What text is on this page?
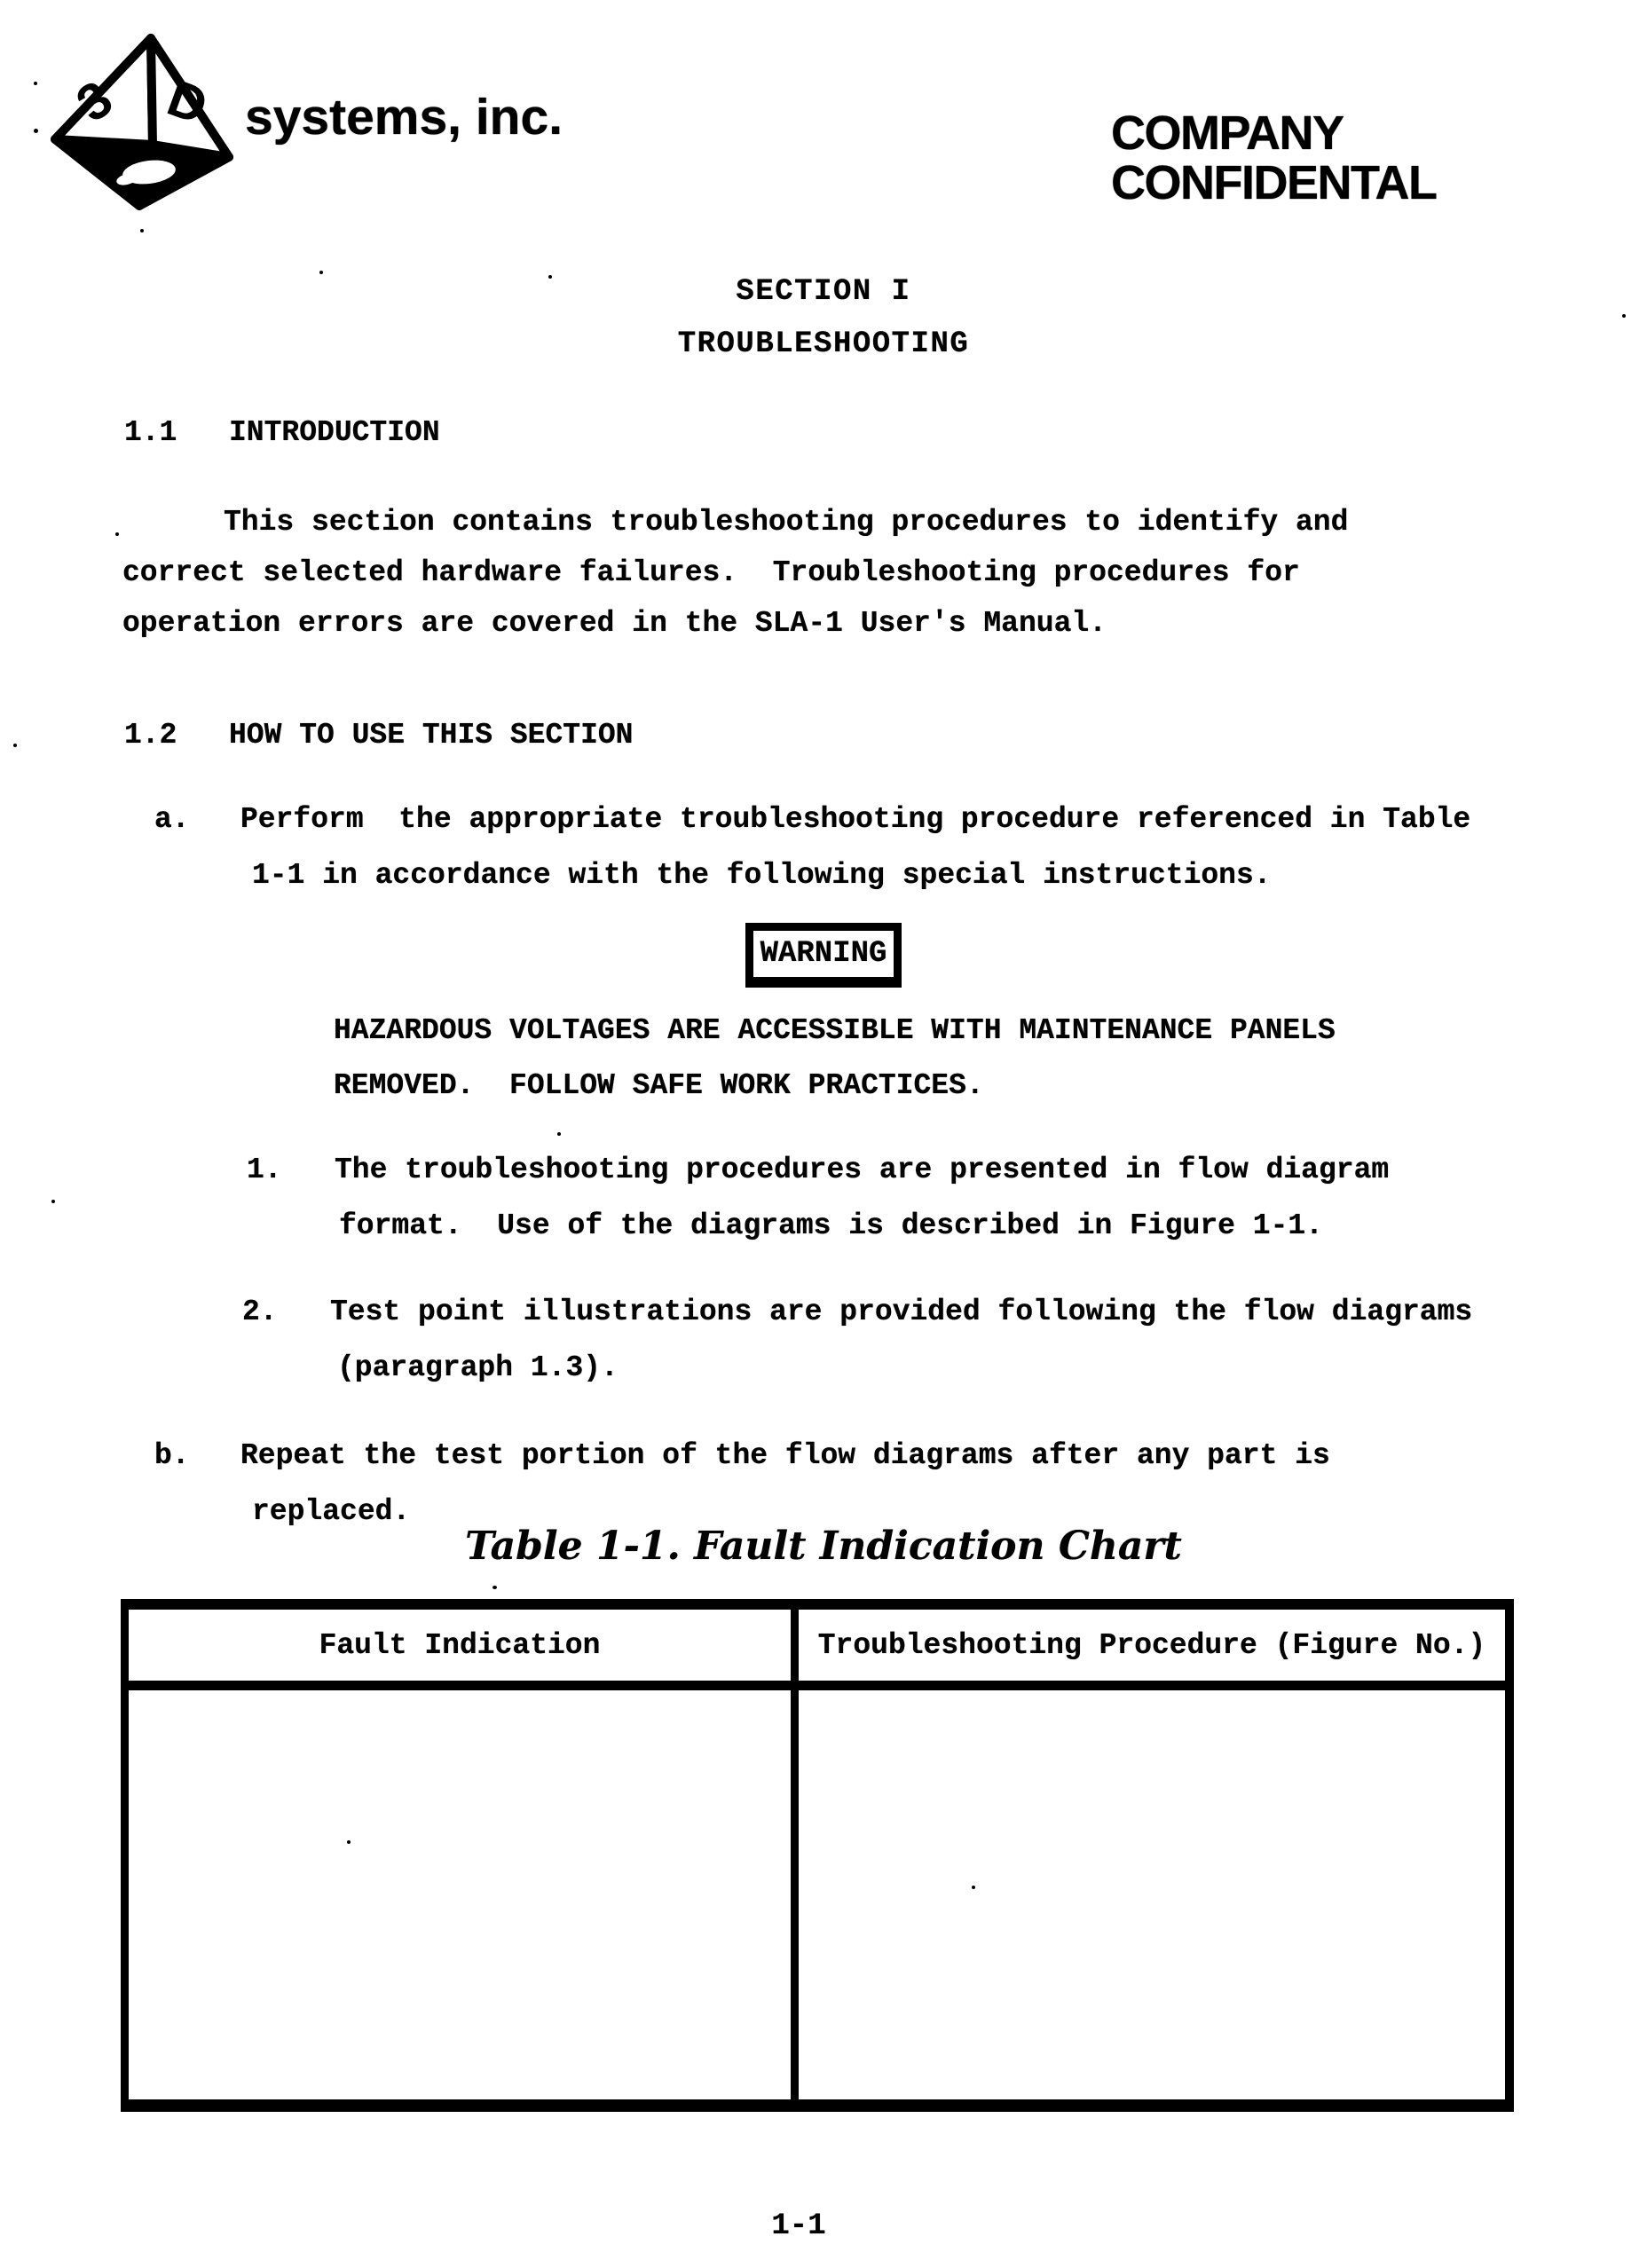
3 D systems, inc.	COMPANY CONFIDENTAL
SECTION I
TROUBLESHOOTING
1.1 INTRODUCTION
This section contains troubleshooting procedures to identify and
correct selected hardware failures.  Troubleshooting procedures for
operation errors are covered in the SLA-1 User's Manual.
1.2 HOW TO USE THIS SECTION
a. Perform  the appropriate troubleshooting procedure referenced in Table
1-1 in accordance with the following special instructions.
WARNING
HAZARDOUS VOLTAGES ARE ACCESSIBLE WITH MAINTENANCE PANELS
REMOVED.  FOLLOW SAFE WORK PRACTICES.
1. The troubleshooting procedures are presented in flow diagram
format.  Use of the diagrams is described in Figure 1-1.
2. Test point illustrations are provided following the flow diagrams
(paragraph 1.3).
b. Repeat the test portion of the flow diagrams after any part is
replaced.
Table 1-1. Fault Indication Chart
Fault Indication	Troubleshooting Procedure (Figure No.)
1-1
